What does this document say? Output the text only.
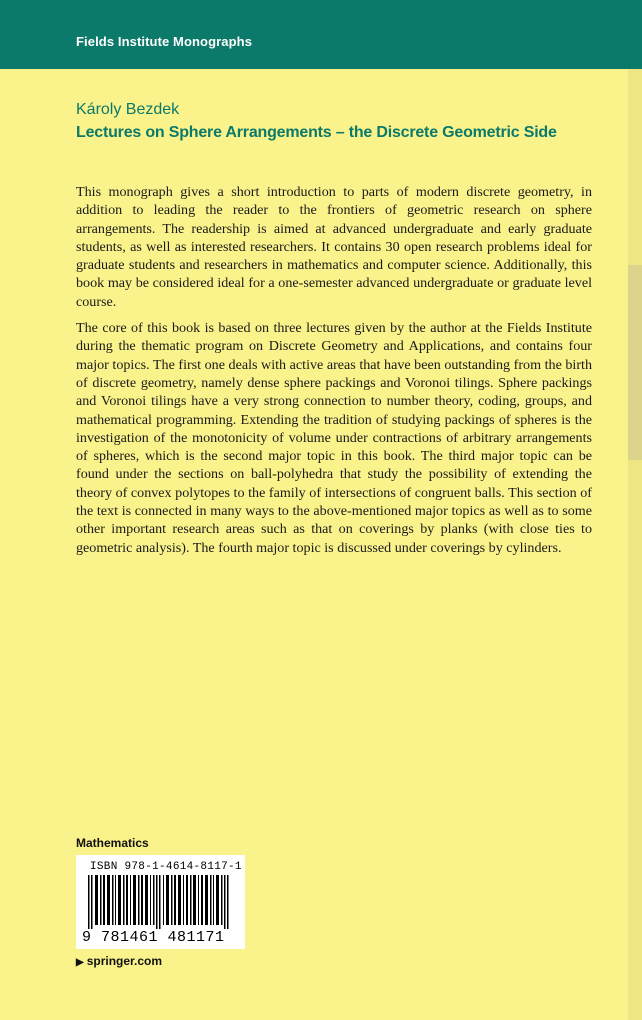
Fields Institute Monographs
Károly Bezdek
Lectures on Sphere Arrangements – the Discrete Geometric Side

This monograph gives a short introduction to parts of modern discrete geometry, in addition to leading the reader to the frontiers of geometric research on sphere arrangements. The readership is aimed at advanced undergraduate and early graduate students, as well as interested researchers. It contains 30 open research problems ideal for graduate students and researchers in mathematics and computer science. Additionally, this book may be considered ideal for a one-semester advanced undergraduate or graduate level course.

The core of this book is based on three lectures given by the author at the Fields Institute during the thematic program on Discrete Geometry and Applications, and contains four major topics. The first one deals with active areas that have been outstanding from the birth of discrete geometry, namely dense sphere packings and Voronoi tilings. Sphere packings and Voronoi tilings have a very strong connection to number theory, coding, groups, and mathematical programming. Extending the tradition of studying packings of spheres is the investigation of the monotonicity of volume under contractions of arbitrary arrangements of spheres, which is the second major topic in this book. The third major topic can be found under the sections on ball-polyhedra that study the possibility of extending the theory of convex polytopes to the family of intersections of congruent balls. This section of the text is connected in many ways to the above-mentioned major topics as well as to some other important research areas such as that on coverings by planks (with close ties to geometric analysis). The fourth major topic is discussed under coverings by cylinders.

Mathematics
ISBN 978-1-4614-8117-1
9 781461 481171
▶ springer.com
